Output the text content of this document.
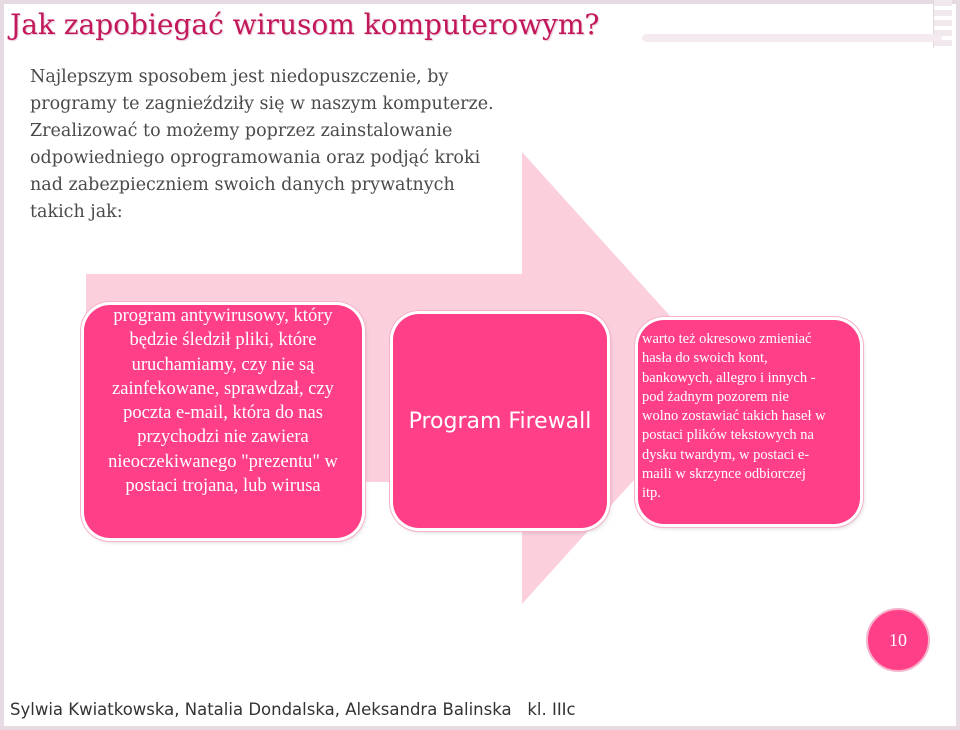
Jak zapobiegać wirusom komputerowym?
Najlepszym sposobem jest niedopuszczenie, by programy te zagnieździły się w naszym komputerze. Zrealizować to możemy poprzez zainstalowanie odpowiedniego oprogramowania oraz podjąć kroki nad zabezpieczniem swoich danych prywatnych takich jak:
program antywirusowy, który będzie śledził pliki, które uruchamiamy, czy nie są zainfekowane, sprawdzał, czy poczta e-mail, która do nas przychodzi nie zawiera nieoczekiwanego "prezentu" w postaci trojana, lub wirusa
Program Firewall
warto też okresowo zmieniać
hasła do swoich kont,
bankowych, allegro i innych -
pod żadnym pozorem nie
wolno zostawiać takich haseł w
postaci plików tekstowych na
dysku twardym, w postaci e-
maili w skrzynce odbiorczej
itp.
10
Sylwia Kwiatkowska, Natalia Dondalska, Aleksandra Balinska   kl. IIIc
